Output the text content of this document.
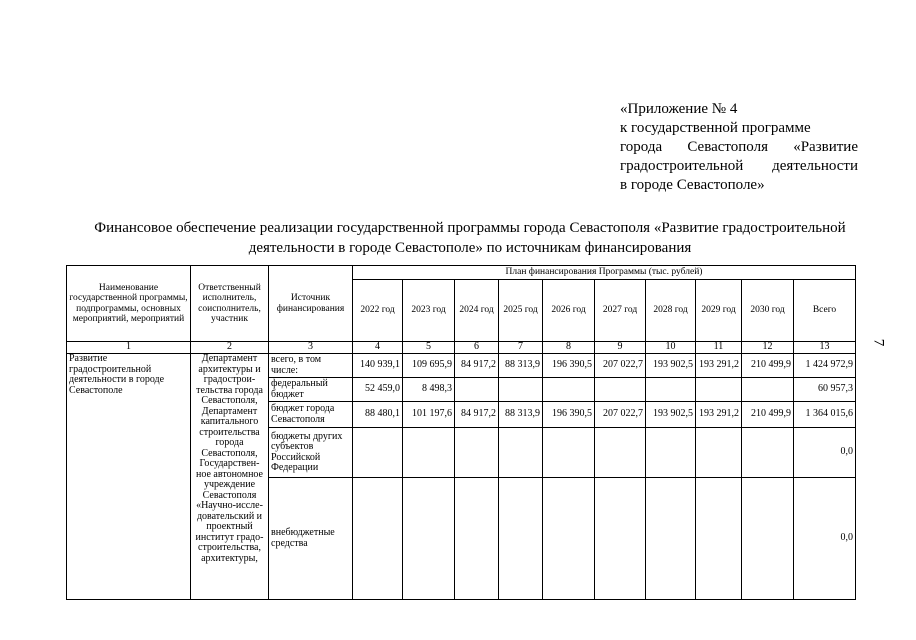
«Приложение № 4
к государственной программе
города Севастополя «Развитие
градостроительной деятельности
в городе Севастополе»
Финансовое обеспечение реализации государственной программы города Севастополя «Развитие градостроительной
деятельности в городе Севастополе» по источникам финансирования
7
Наименование государственной программы, подпрограммы, основных мероприятий, мероприятий	Ответственный исполнитель, соисполнитель, участник	Источник финансирования	План финансирования Программы (тыс. рублей)									
			2022 год	2023 год	2024 год	2025 год	2026 год	2027 год	2028 год	2029 год	2030 год	Всего
1	2	3	4	5	6	7	8	9	10	11	12	13
Развитие градостроительной деятельности в городе Севастополе	Департамент архитектуры и градострои-тельства города Севастополя, Департамент капитального строительства города Севастополя, Государствен-ное автономное учреждение Севастополя «Научно-иссле-довательский и проектный институт градо-строительства, архитектуры,	всего, в том числе:	140 939,1	109 695,9	84 917,2	88 313,9	196 390,5	207 022,7	193 902,5	193 291,2	210 499,9	1 424 972,9
		федеральный бюджет	52 459,0	8 498,3								60 957,3
		бюджет города Севастополя	88 480,1	101 197,6	84 917,2	88 313,9	196 390,5	207 022,7	193 902,5	193 291,2	210 499,9	1 364 015,6
		бюджеты других субъектов Российской Федерации										0,0
		внебюджетные средства										0,0
